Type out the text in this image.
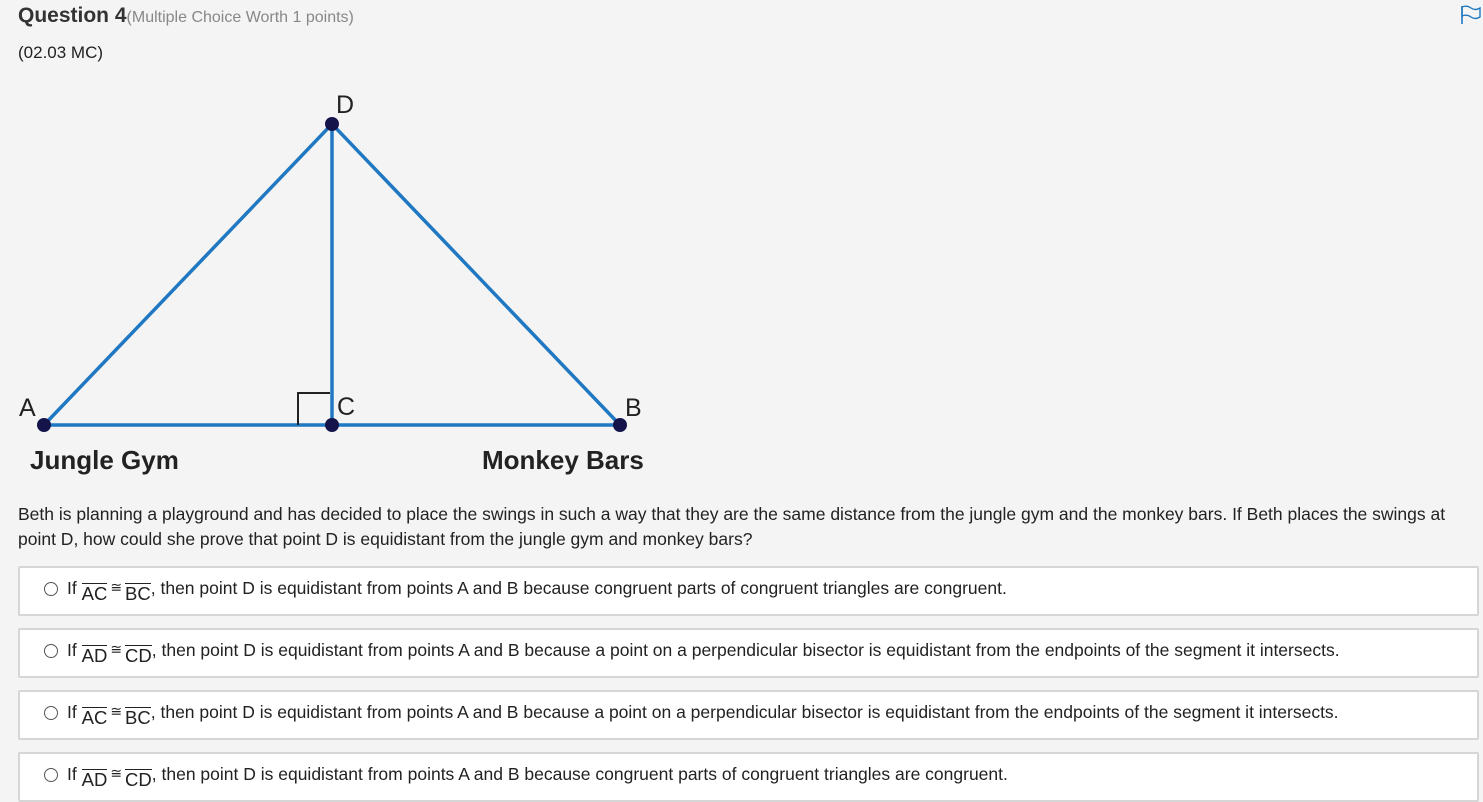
Question 4(Multiple Choice Worth 1 points)
(02.03 MC)
D
A	C	B
Jungle Gym	Monkey Bars
Beth is planning a playground and has decided to place the swings in such a way that they are the same distance from the jungle gym and the monkey bars. If Beth places the swings at point D, how could she prove that point D is equidistant from the jungle gym and monkey bars?
If AC ≅ BC, then point D is equidistant from points A and B because congruent parts of congruent triangles are congruent.
If AD ≅ CD, then point D is equidistant from points A and B because a point on a perpendicular bisector is equidistant from the endpoints of the segment it intersects.
If AC ≅ BC, then point D is equidistant from points A and B because a point on a perpendicular bisector is equidistant from the endpoints of the segment it intersects.
If AD ≅ CD, then point D is equidistant from points A and B because congruent parts of congruent triangles are congruent.
